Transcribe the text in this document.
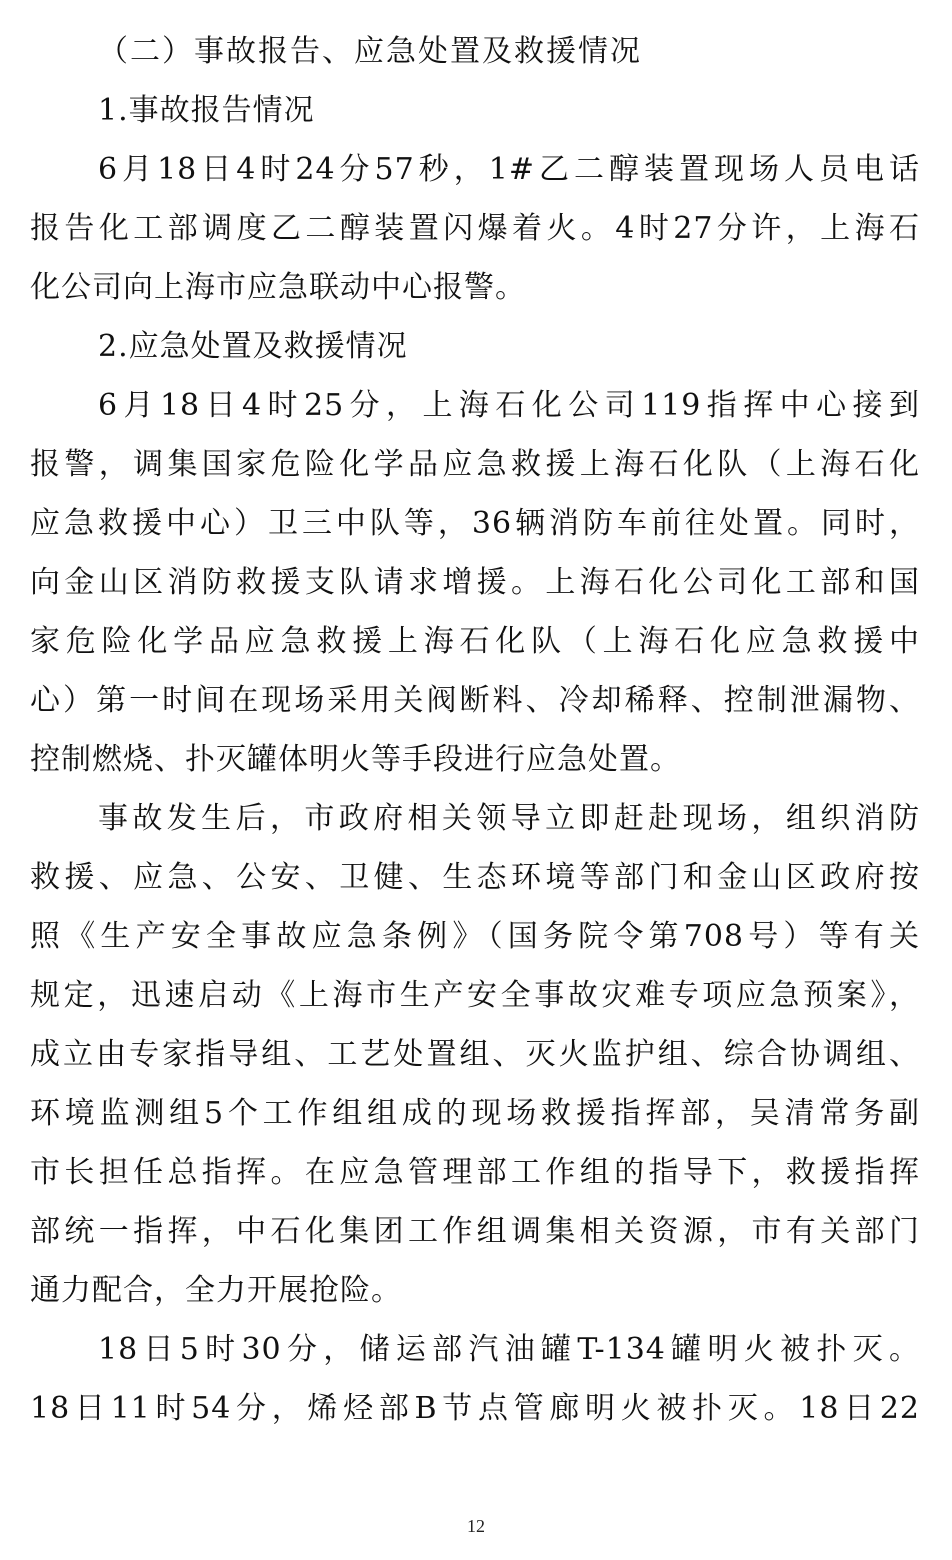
（二）事故报告、应急处置及救援情况
1.事故报告情况
6月18日4时24分57秒，1#乙二醇装置现场人员电话
报告化工部调度乙二醇装置闪爆着火。4时27分许，上海石
化公司向上海市应急联动中心报警。
2.应急处置及救援情况
6月18日4时25分，上海石化公司119指挥中心接到
报警，调集国家危险化学品应急救援上海石化队（上海石化
应急救援中心）卫三中队等，36辆消防车前往处置。同时，
向金山区消防救援支队请求增援。上海石化公司化工部和国
家危险化学品应急救援上海石化队（上海石化应急救援中
心）第一时间在现场采用关阀断料、冷却稀释、控制泄漏物、
控制燃烧、扑灭罐体明火等手段进行应急处置。
事故发生后，市政府相关领导立即赶赴现场，组织消防
救援、应急、公安、卫健、生态环境等部门和金山区政府按
照《生产安全事故应急条例》（国务院令第708号）等有关
规定，迅速启动《上海市生产安全事故灾难专项应急预案》，
成立由专家指导组、工艺处置组、灭火监护组、综合协调组、
环境监测组5个工作组组成的现场救援指挥部，吴清常务副
市长担任总指挥。在应急管理部工作组的指导下，救援指挥
部统一指挥，中石化集团工作组调集相关资源，市有关部门
通力配合，全力开展抢险。
18日5时30分，储运部汽油罐T-134罐明火被扑灭。
18日11时54分，烯烃部B节点管廊明火被扑灭。18日22
12
